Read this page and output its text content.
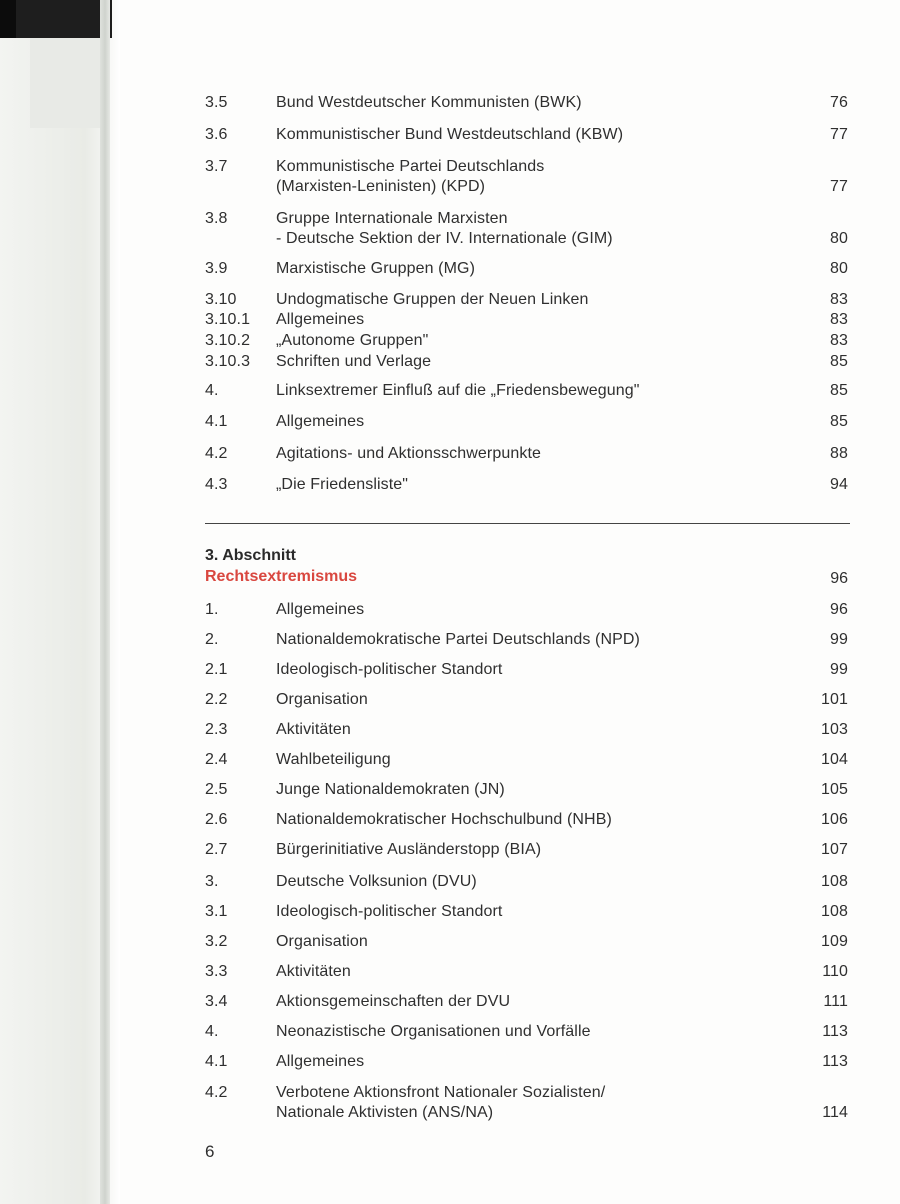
3.5	Bund Westdeutscher Kommunisten (BWK)	76
3.6	Kommunistischer Bund Westdeutschland (KBW)	77
3.7	Kommunistische Partei Deutschlands
(Marxisten-Leninisten) (KPD)	77
3.8	Gruppe Internationale Marxisten
- Deutsche Sektion der IV. Internationale (GIM)	80
3.9	Marxistische Gruppen (MG)	80
3.10 Undogmatische Gruppen der Neuen Linken	83
3.10.1 Allgemeines	83
3.10.2 „Autonome Gruppen"	83
3.10.3 Schriften und Verlage	85
4.	Linksextremer Einfluß auf die „Friedensbewegung"	85
4.1	Allgemeines	85
4.2	Agitations- und Aktionsschwerpunkte	88
4.3	„Die Friedensliste"	94
3. Abschnitt
Rechtsextremismus	96
1.	Allgemeines	96
2.	Nationaldemokratische Partei Deutschlands (NPD)	99
2.1	Ideologisch-politischer Standort	99
2.2	Organisation	101
2.3	Aktivitäten	103
2.4	Wahlbeteiligung	104
2.5	Junge Nationaldemokraten (JN)	105
2.6	Nationaldemokratischer Hochschulbund (NHB)	106
2.7	Bürgerinitiative Ausländerstopp (BIA)	107
3.	Deutsche Volksunion (DVU)	108
3.1	Ideologisch-politischer Standort	108
3.2	Organisation	109
3.3	Aktivitäten	110
3.4	Aktionsgemeinschaften der DVU	111
4.	Neonazistische Organisationen und Vorfälle	113
4.1	Allgemeines	113
4.2	Verbotene Aktionsfront Nationaler Sozialisten/
Nationale Aktivisten (ANS/NA)	114
6
